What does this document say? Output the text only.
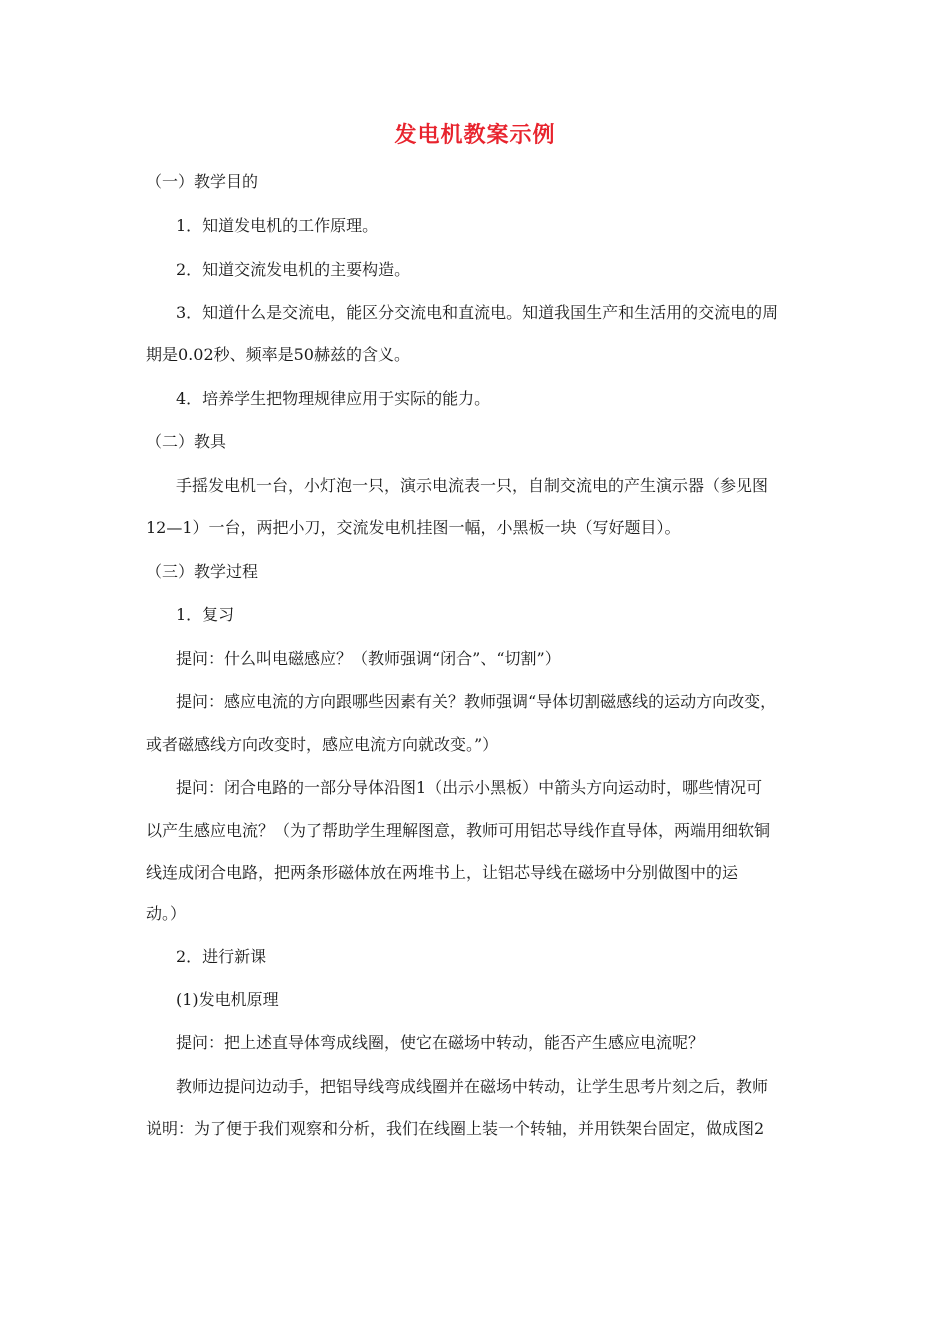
发电机教案示例
（一）教学目的
1．知道发电机的工作原理。
2．知道交流发电机的主要构造。
3．知道什么是交流电，能区分交流电和直流电。知道我国生产和生活用的交流电的周
期是0.02秒、频率是50赫兹的含义。
4．培养学生把物理规律应用于实际的能力。
（二）教具
手摇发电机一台，小灯泡一只，演示电流表一只，自制交流电的产生演示器（参见图
12—1）一台，两把小刀，交流发电机挂图一幅，小黑板一块（写好题目）。
（三）教学过程
1．复习
提问：什么叫电磁感应？（教师强调“闭合”、“切割”）
提问：感应电流的方向跟哪些因素有关？教师强调“导体切割磁感线的运动方向改变，
或者磁感线方向改变时，感应电流方向就改变。”）
提问：闭合电路的一部分导体沿图1（出示小黑板）中箭头方向运动时，哪些情况可
以产生感应电流？（为了帮助学生理解图意，教师可用铝芯导线作直导体，两端用细软铜
线连成闭合电路，把两条形磁体放在两堆书上，让铝芯导线在磁场中分别做图中的运
动。）
2．进行新课
(1)发电机原理
提问：把上述直导体弯成线圈，使它在磁场中转动，能否产生感应电流呢？
教师边提问边动手，把铝导线弯成线圈并在磁场中转动，让学生思考片刻之后，教师
说明：为了便于我们观察和分析，我们在线圈上装一个转轴，并用铁架台固定，做成图2
